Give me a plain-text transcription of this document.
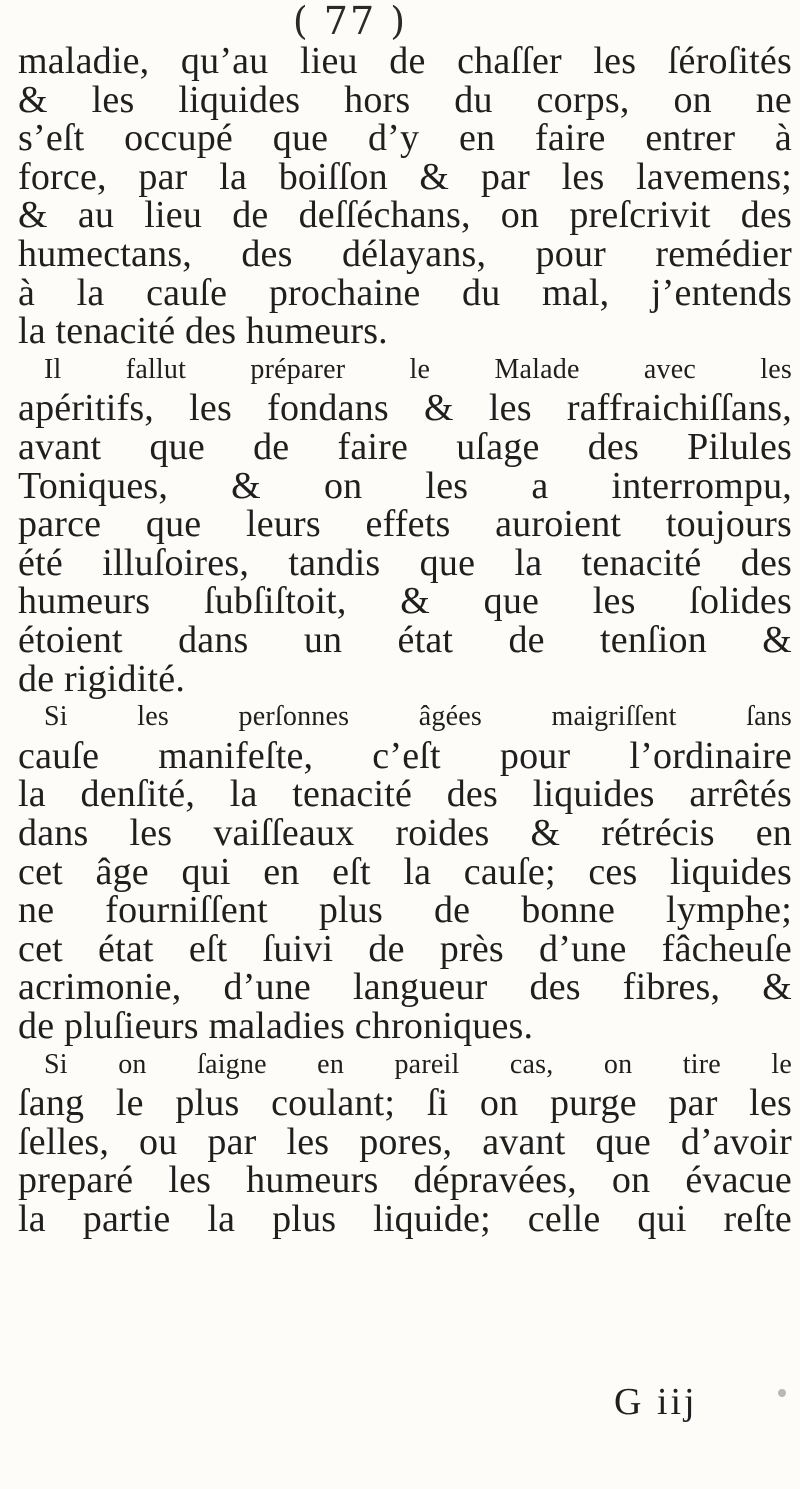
( 77 )
maladie, qu’au lieu de chaſſer les ſéroſités
& les liquides hors du corps, on ne
s’eſt occupé que d’y en faire entrer à
force, par la boiſſon & par les lavemens;
& au lieu de deſſéchans, on preſcrivit des
humectans, des délayans, pour remédier
à la cauſe prochaine du mal, j’entends
la tenacité des humeurs.
Il fallut préparer le Malade avec les
apéritifs, les fondans & les raffraichiſſans,
avant que de faire uſage des Pilules
Toniques, & on les a interrompu,
parce que leurs effets auroient toujours
été illuſoires, tandis que la tenacité des
humeurs ſubſiſtoit, & que les ſolides
étoient dans un état de tenſion &
de rigidité.
Si les perſonnes âgées maigriſſent ſans
cauſe manifeſte, c’eſt pour l’ordinaire
la denſité, la tenacité des liquides arrêtés
dans les vaiſſeaux roides & rétrécis en
cet âge qui en eſt la cauſe; ces liquides
ne fourniſſent plus de bonne lymphe;
cet état eſt ſuivi de près d’une fâcheuſe
acrimonie, d’une langueur des fibres, &
de pluſieurs maladies chroniques.
Si on ſaigne en pareil cas, on tire le
ſang le plus coulant; ſi on purge par les
ſelles, ou par les pores, avant que d’avoir
preparé les humeurs dépravées, on évacue
la partie la plus liquide; celle qui reſte
G iij
